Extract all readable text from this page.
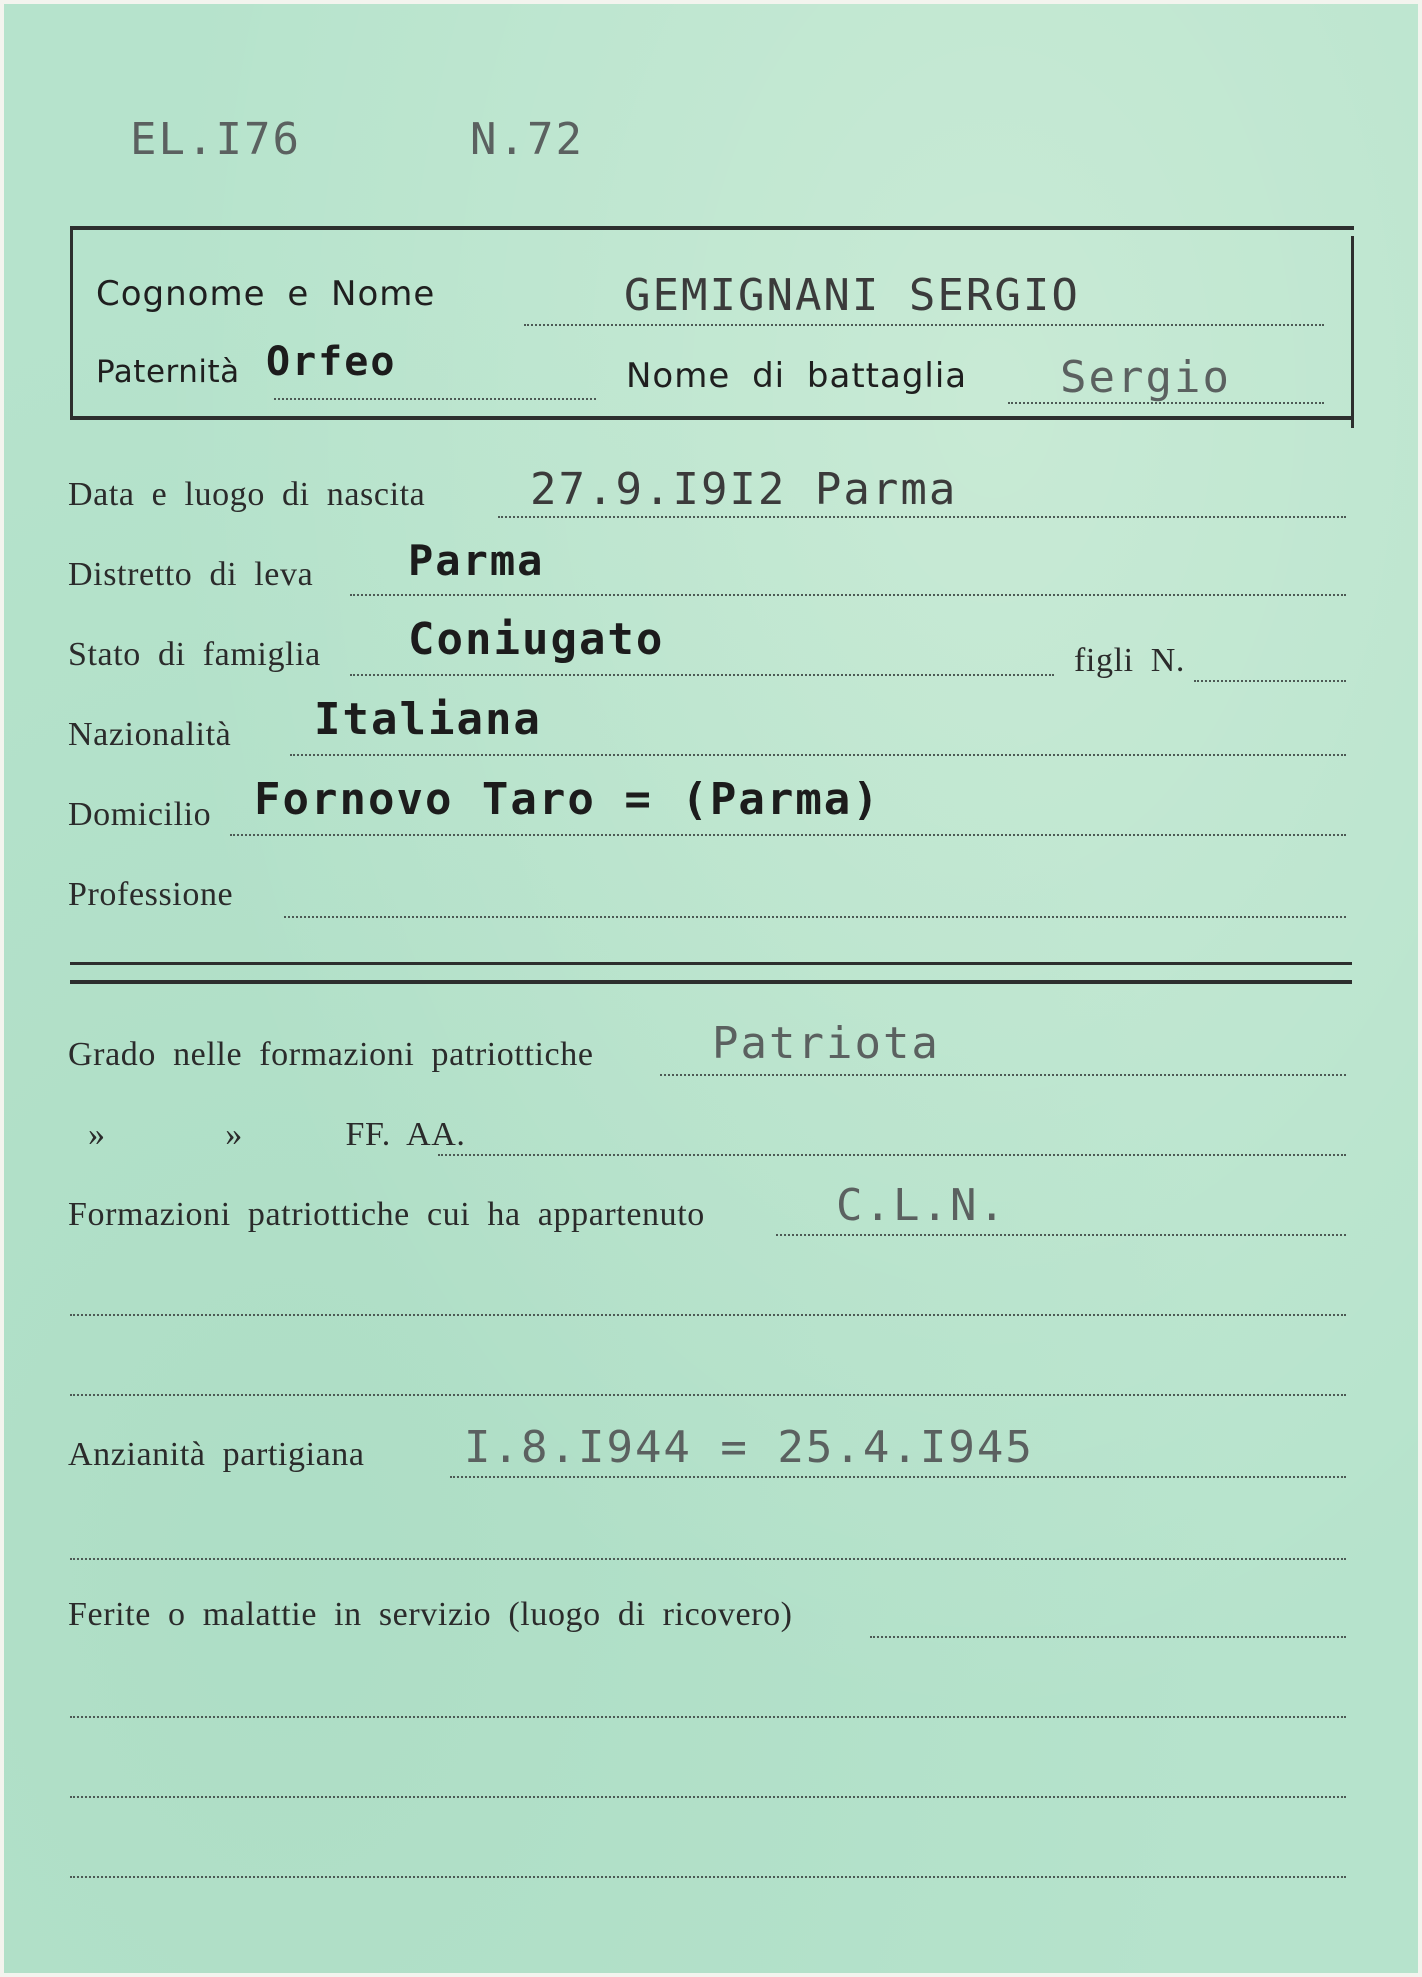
EL.I76	N.72
Cognome e Nome	GEMIGNANI SERGIO
Paternità Orfeo	Nome di battaglia Sergio
Data e luogo di nascita 27.9.I9I2 Parma
Distretto di leva Parma
Stato di famiglia Coniugato	figli N.
Nazionalità Italiana
Domicilio Fornovo Taro = (Parma)
Professione
Grado nelle formazioni patriottiche	Patriota
»       »      FF. AA.
Formazioni patriottiche cui ha appartenuto	C.L.N.
Anzianità partigiana I.8.I944 = 25.4.I945
Ferite o malattie in servizio (luogo di ricovero)
